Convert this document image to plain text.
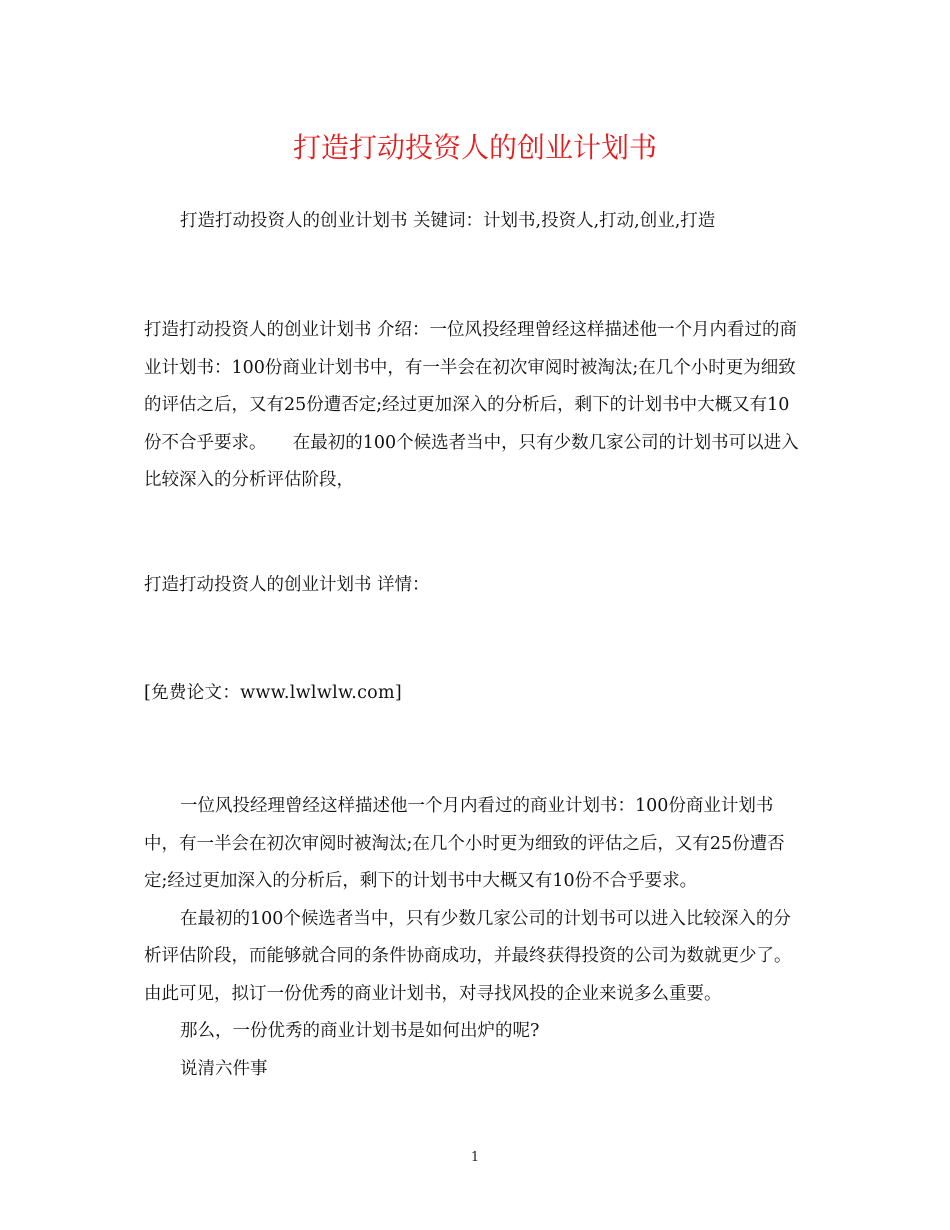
打造打动投资人的创业计划书

打造打动投资人的创业计划书 关键词：计划书,投资人,打动,创业,打造

打造打动投资人的创业计划书 介绍：一位风投经理曾经这样描述他一个月内看过的商业计划书：100份商业计划书中，有一半会在初次审阅时被淘汰;在几个小时更为细致的评估之后，又有25份遭否定;经过更加深入的分析后，剩下的计划书中大概又有10份不合乎要求。　　在最初的100个候选者当中，只有少数几家公司的计划书可以进入比较深入的分析评估阶段，

打造打动投资人的创业计划书 详情：

[免费论文：www.lwlwlw.com]

一位风投经理曾经这样描述他一个月内看过的商业计划书：100份商业计划书中，有一半会在初次审阅时被淘汰;在几个小时更为细致的评估之后，又有25份遭否定;经过更加深入的分析后，剩下的计划书中大概又有10份不合乎要求。

在最初的100个候选者当中，只有少数几家公司的计划书可以进入比较深入的分析评估阶段，而能够就合同的条件协商成功，并最终获得投资的公司为数就更少了。由此可见，拟订一份优秀的商业计划书，对寻找风投的企业来说多么重要。

那么，一份优秀的商业计划书是如何出炉的呢?

说清六件事

1
